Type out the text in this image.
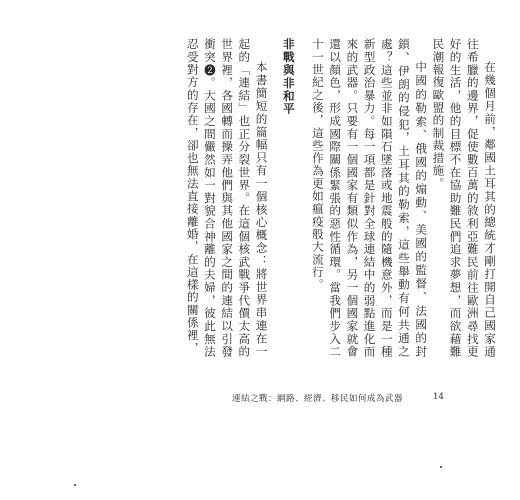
在幾個月前，鄰國土耳其的總統才剛打開自己國家通往希臘的邊界，促使數百萬的敘利亞難民前往歐洲尋找更好的生活，他的目標不在協助難民們追求夢想，而欲藉難民潮報復歐盟的制裁措施。

中國的勒索、俄國的煽動、美國的監督、法國的封鎖、伊朗的侵犯，土耳其的勒索，這些舉動有何共通之處？這些並非如隕石墜落或地震般的隨機意外，而是一種新型政治暴力。每一項都是針對全球連結中的弱點進化而來的武器。只要有一個國家有類似作為，另一個國家就會還以顏色，形成國際關係緊張的惡性循環。當我們步入二十一世紀之後，這些作為更如瘟疫般大流行。

非戰與非和平

本書簡短的篇幅只有一個核心概念：將世界串連在一起的「連結」也正分裂世界。在這個核武戰爭代價太高的世界裡，各國轉而操弄他們與其他國家之間的連結以引發衝突❷。大國之間儼然如一對貌合神離的夫婦，彼此無法忍受對方的存在，卻也無法直接離婚，在這樣的關係裡，

連結之戰：網路、經濟、移民如何成為武器	14
